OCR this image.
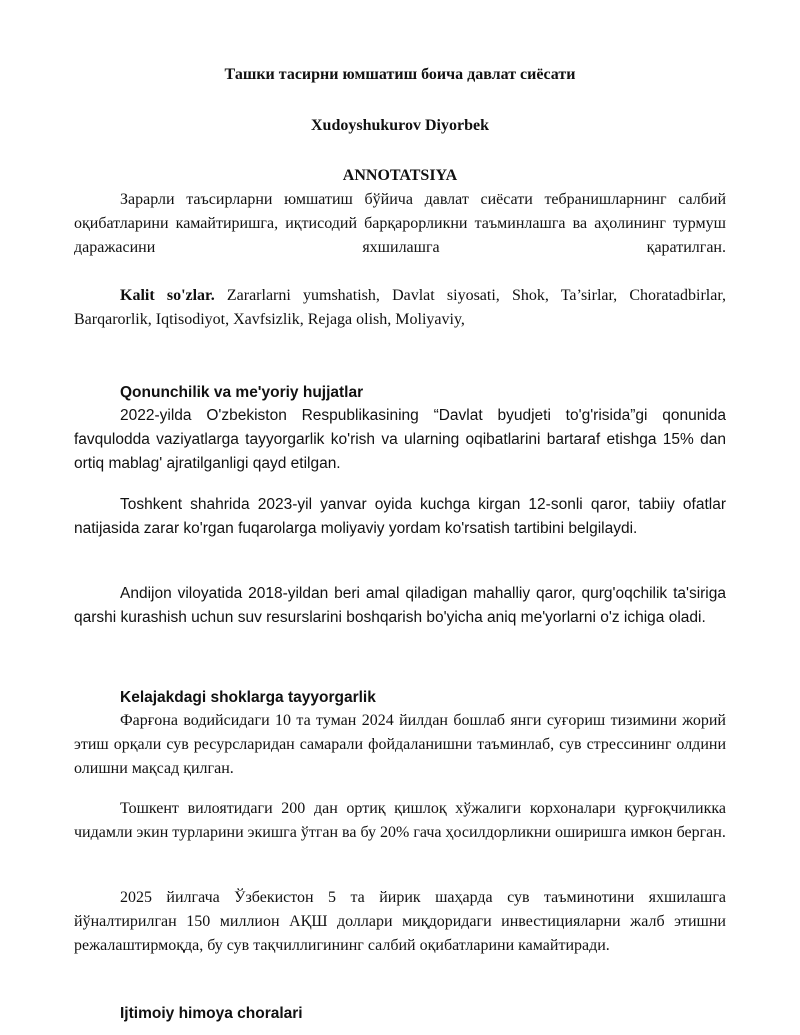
Ташки тасирни юмшатиш боича давлат сиёсати
Xudoyshukurov Diyorbek
ANNOTATSIYA

Зарарли таъсирларни юмшатиш бўйича давлат сиёсати тебранишларнинг салбий оқибатларини камайтиришга, иқтисодий барқарорликни таъминлашга ва аҳолининг турмуш даражасини яхшилашга қаратилган.

Kalit so'zlar. Zararlarni yumshatish, Davlat siyosati, Shok, Ta’sirlar, Choratadbirlar, Barqarorlik, Iqtisodiyot, Xavfsizlik, Rejaga olish, Moliyaviy,

Qonunchilik va me'yoriy hujjatlar

2022-yilda O'zbekiston Respublikasining “Davlat byudjeti to'g'risida”gi qonunida favqulodda vaziyatlarga tayyorgarlik ko'rish va ularning oqibatlarini bartaraf etishga 15% dan ortiq mablag' ajratilganligi qayd etilgan.

Toshkent shahrida 2023-yil yanvar oyida kuchga kirgan 12-sonli qaror, tabiiy ofatlar natijasida zarar ko'rgan fuqarolarga moliyaviy yordam ko'rsatish tartibini belgilaydi.

Andijon viloyatida 2018-yildan beri amal qiladigan mahalliy qaror, qurg'oqchilik ta'siriga qarshi kurashish uchun suv resurslarini boshqarish bo'yicha aniq me'yorlarni o'z ichiga oladi.

Kelajakdagi shoklarga tayyorgarlik

Фарғона водийсидаги 10 та туман 2024 йилдан бошлаб янги суғориш тизимини жорий этиш орқали сув ресурсларидан самарали фойдаланишни таъминлаб, сув стрессининг олдини олишни мақсад қилган.

Тошкент вилоятидаги 200 дан ортиқ қишлоқ хўжалиги корхоналари қурғоқчиликка чидамли экин турларини экишга ўтган ва бу 20% гача ҳосилдорликни оширишга имкон берган.

2025 йилгача Ўзбекистон 5 та йирик шаҳарда сув таъминотини яхшилашга йўналтирилган 150 миллион АҚШ доллари миқдоридаги инвестицияларни жалб этишни режалаштирмоқда, бу сув тақчиллигининг салбий оқибатларини камайтиради.

Ijtimoiy himoya choralari
